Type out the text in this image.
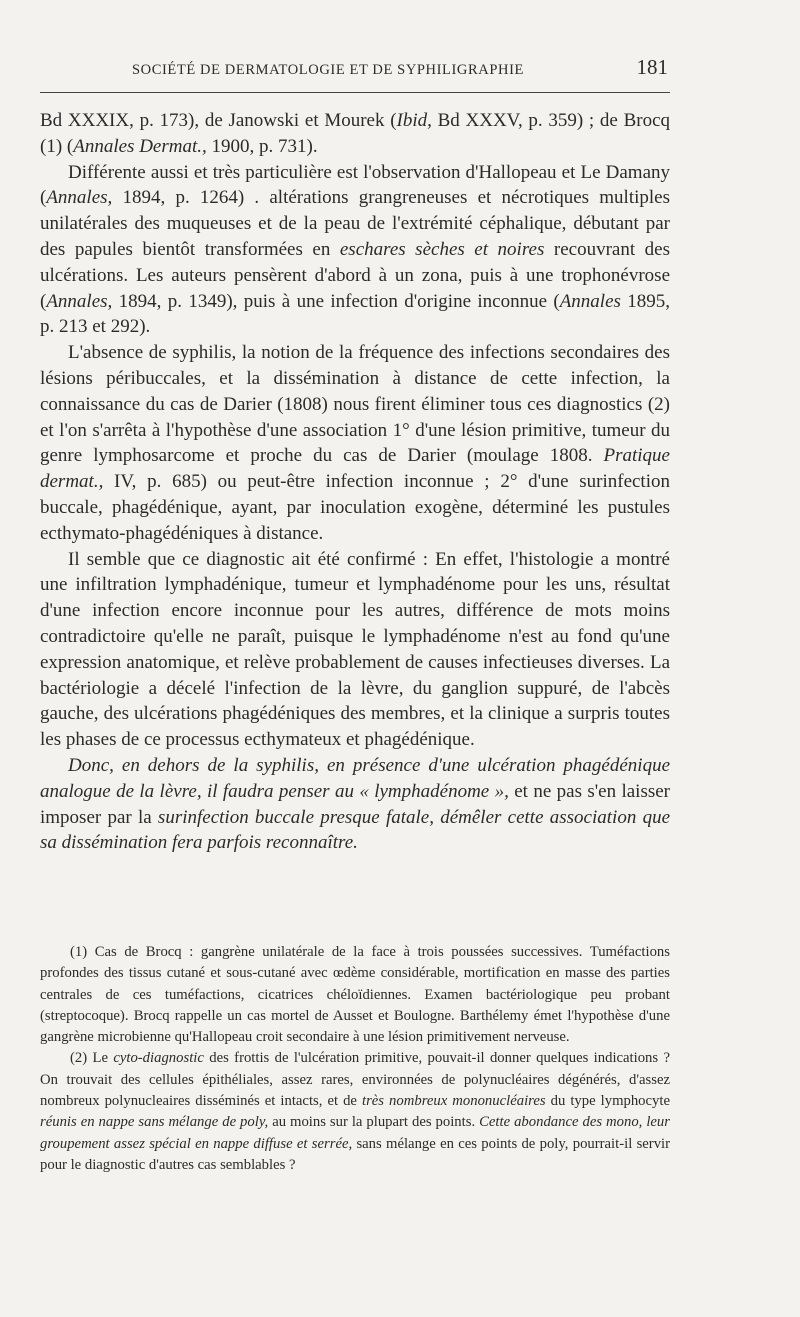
SOCIÉTÉ DE DERMATOLOGIE ET DE SYPHILIGRAPHIE	181

Bd XXXIX, p. 173), de Janowski et Mourek (Ibid, Bd XXXV, p. 359) ; de Brocq (1) (Annales Dermat., 1900, p. 731).

Différente aussi et très particulière est l'observation d'Hallopeau et Le Damany (Annales, 1894, p. 1264) . altérations grangreneuses et nécrotiques multiples unilatérales des muqueuses et de la peau de l'extrémité céphalique, débutant par des papules bientôt transformées en eschares sèches et noires recouvrant des ulcérations. Les auteurs pensèrent d'abord à un zona, puis à une trophonévrose (Annales, 1894, p. 1349), puis à une infection d'origine inconnue (Annales 1895, p. 213 et 292).

L'absence de syphilis, la notion de la fréquence des infections secondaires des lésions péribuccales, et la dissémination à distance de cette infection, la connaissance du cas de Darier (1808) nous firent éliminer tous ces diagnostics (2) et l'on s'arrêta à l'hypothèse d'une association 1° d'une lésion primitive, tumeur du genre lymphosarcome et proche du cas de Darier (moulage 1808. Pratique dermat., IV, p. 685) ou peut-être infection inconnue ; 2° d'une surinfection buccale, phagédénique, ayant, par inoculation exogène, déterminé les pustules ecthymato-phagédéniques à distance.

Il semble que ce diagnostic ait été confirmé : En effet, l'histologie a montré une infiltration lymphadénique, tumeur et lymphadénome pour les uns, résultat d'une infection encore inconnue pour les autres, différence de mots moins contradictoire qu'elle ne paraît, puisque le lymphadénome n'est au fond qu'une expression anatomique, et relève probablement de causes infectieuses diverses. La bactériologie a décelé l'infection de la lèvre, du ganglion suppuré, de l'abcès gauche, des ulcérations phagédéniques des membres, et la clinique a surpris toutes les phases de ce processus ecthymateux et phagédénique.

Donc, en dehors de la syphilis, en présence d'une ulcération phagédénique analogue de la lèvre, il faudra penser au « lymphadénome », et ne pas s'en laisser imposer par la surinfection buccale presque fatale, démêler cette association que sa dissémination fera parfois reconnaître.

(1) Cas de Brocq : gangrène unilatérale de la face à trois poussées successives. Tuméfactions profondes des tissus cutané et sous-cutané avec œdème considérable, mortification en masse des parties centrales de ces tuméfactions, cicatrices chéloïdiennes. Examen bactériologique peu probant (streptocoque). Brocq rappelle un cas mortel de Ausset et Boulogne. Barthélemy émet l'hypothèse d'une gangrène microbienne qu'Hallopeau croit secondaire à une lésion primitivement nerveuse.

(2) Le cyto-diagnostic des frottis de l'ulcération primitive, pouvait-il donner quelques indications ? On trouvait des cellules épithéliales, assez rares, environnées de polynucléaires dégénérés, d'assez nombreux polynucleaires disséminés et intacts, et de très nombreux mononucléaires du type lymphocyte réunis en nappe sans mélange de poly, au moins sur la plupart des points. Cette abondance des mono, leur groupement assez spécial en nappe diffuse et serrée, sans mélange en ces points de poly, pourrait-il servir pour le diagnostic d'autres cas semblables ?
